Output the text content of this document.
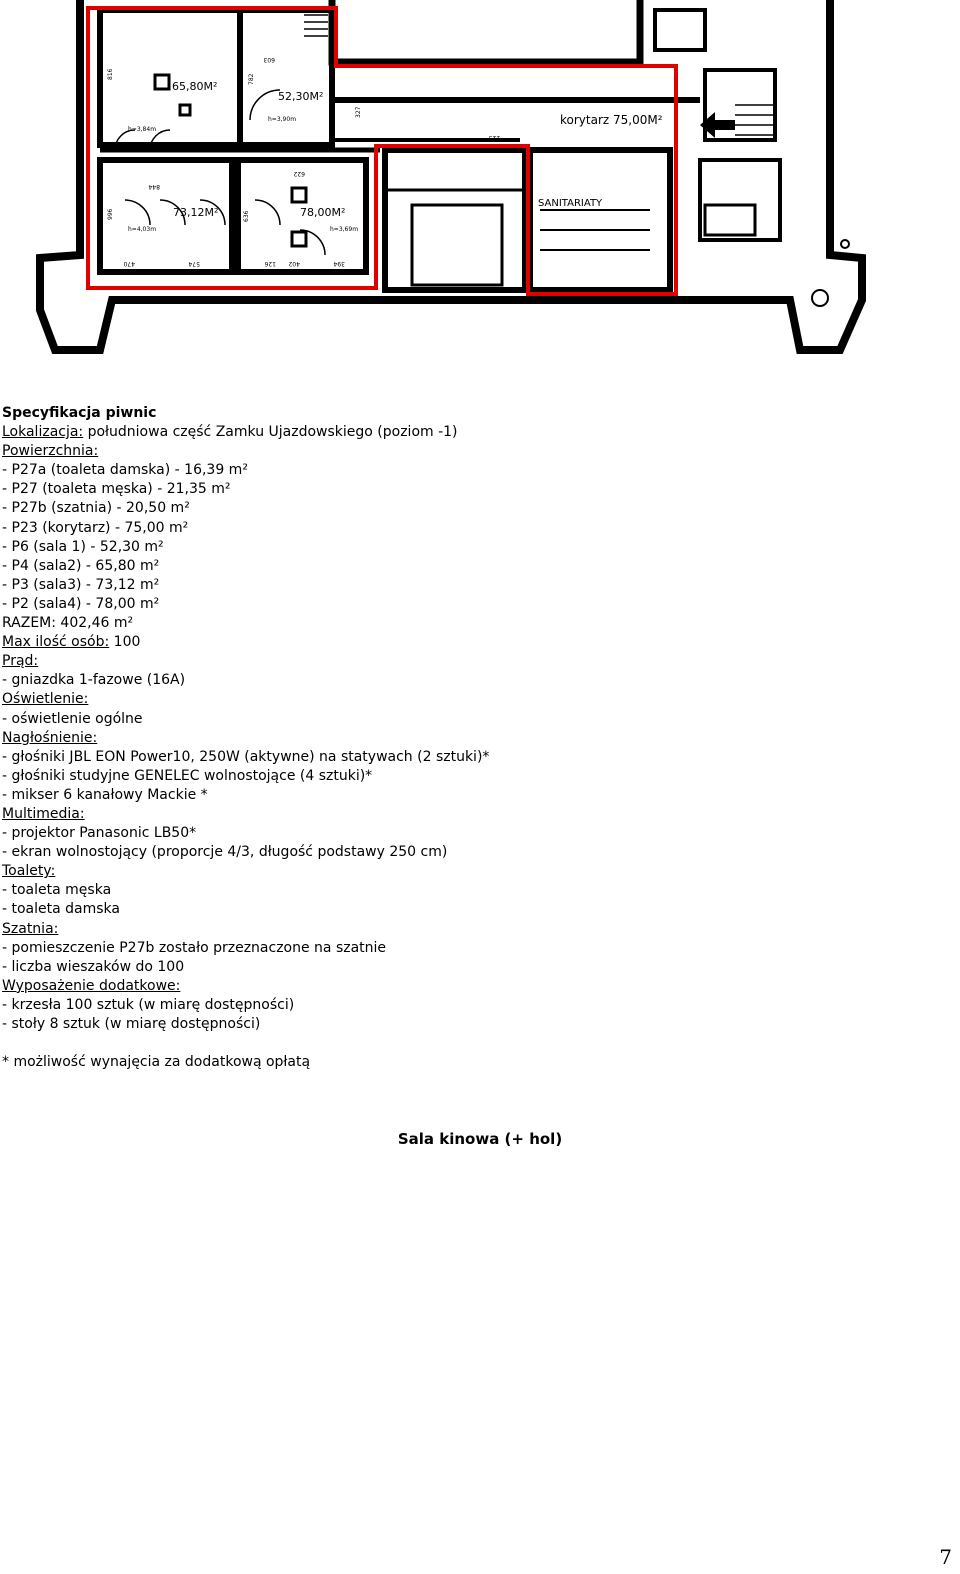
65,80M²
52,30M²
73,12M²	78,00M²
korytarz 75,00M²
SANITARIATY
816
603
782
844
996
470	574
636
622
126 402	394
327
223
h=3,84m
h=3,90m
h=4,03m	h=3,69m
Specyfikacja piwnic
Lokalizacja: południowa część Zamku Ujazdowskiego (poziom -1)
Powierzchnia:
- P27a (toaleta damska) - 16,39 m²
- P27 (toaleta męska) - 21,35 m²
- P27b (szatnia) - 20,50 m²
- P23 (korytarz) - 75,00 m²
- P6 (sala 1) - 52,30 m²
- P4 (sala2) - 65,80 m²
- P3 (sala3) - 73,12 m²
- P2 (sala4) - 78,00 m²
RAZEM: 402,46 m²
Max ilość osób: 100
Prąd:
- gniazdka 1-fazowe (16A)
Oświetlenie:
- oświetlenie ogólne
Nagłośnienie:
- głośniki JBL EON Power10, 250W (aktywne) na statywach (2 sztuki)*
- głośniki studyjne GENELEC wolnostojące (4 sztuki)*
- mikser 6 kanałowy Mackie *
Multimedia:
- projektor Panasonic LB50*
- ekran wolnostojący (proporcje 4/3, długość podstawy 250 cm)
Toalety:
- toaleta męska
- toaleta damska
Szatnia:
- pomieszczenie P27b zostało przeznaczone na szatnie
- liczba wieszaków do 100
Wyposażenie dodatkowe:
- krzesła 100 sztuk (w miarę dostępności)
- stoły 8 sztuk (w miarę dostępności)
* możliwość wynajęcia za dodatkową opłatą
Sala kinowa (+ hol)
7
